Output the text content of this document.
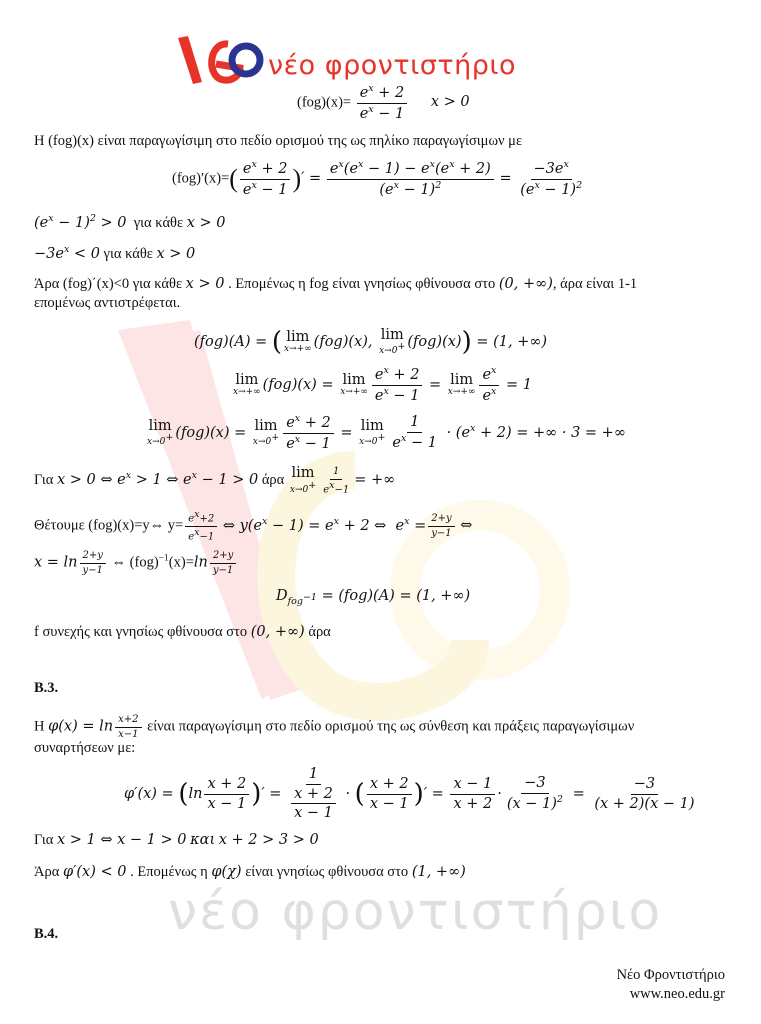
νέο φροντιστήριο
νέο φροντιστήριο
$(fog)(x)= \frac{e^x + 2}{e^x - 1}$ x > 0
Η (fog)(x) είναι παραγωγίσιμη στο πεδίο ορισμού της ως πηλίκο παραγωγίσιμων με
$(fog)'(x)=( \frac{e^x + 2}{e^x - 1}$ )′ = $\frac{e^x(e^x - 1) - e^x(e^x + 2)}{(e^x - 1)^2} = \frac{-3e^x}{(e^x - 1)^2}$
$(e^x - 1)^2 > 0$ για κάθε x > 0
$-3e^x < 0$ για κάθε x > 0
Άρα (fog)΄(x)<0 για κάθε x > 0 . Επομένως η fog είναι γνησίως φθίνουσα στο (0, +∞), άρα είναι 1-1
επομένως αντιστρέφεται.
(fog)(A) = ( lim
x→+∞ (fog)(x), lim
x→0+ (fog)(x)) = (1, +∞)
lim
x→+∞ (fog)(x) = lim
$x\to+\infty \frac{e^x + 2}{e^x - 1} = \lim$
$x\to+\infty \frac{e^x}{e^x} = 1$
lim
x→0+ (fog)(x) = lim
$x\to 0^+ \frac{e^x + 2}{e^x - 1} = \lim$
$x\to 0^+ \frac{1}{e^x - 1} \cdot (e^x + 2)$ = +∞ · 3 = +∞
Για x > 0 ⇔ $e^x > 1$ ⇔ $e^x - 1 > 0$ άρα lim
$x\to 0^+ \frac{1}{e^x-1}$ = +∞
Θέτουμε (fog)(x)=y⇔ $y= \frac{e^x+2}{e^x-1}$ ⇔ $y(e^x - 1) = e^x + 2$ ⇔  $e^x = \frac{2+y}{y-1}$ ⇔
$x = \ln \frac{2+y}{y-1}$ ⇔ $(fog)^{-1}(x)=\ln \frac{2+y}{y-1}$
$D_{fog^{-1}} = (fog)(A) = (1$, +∞)
f συνεχής και γνησίως φθίνουσα στο (0, +∞) άρα
B.3.
Η $\varphi(x) = \ln \frac{x+2}{x-1}$ είναι παραγωγίσιμη στο πεδίο ορισμού της ως σύνθεση και πράξεις παραγωγίσιμων
συναρτήσεων με:
$\varphi'(x) = (\ln \frac{x + 2}{x - 1}$ )′ = $\frac{1}{\frac{x + 2}{x - 1}}$ · ( $\frac{x + 2}{x - 1}$ )′ = $\frac{x - 1}{x + 2} \cdot \frac{-3}{(x - 1)^2} = \frac{-3}{(x + 2)(x - 1)}$
Για x > 1 ⇔ x − 1 > 0 και x + 2 > 3 > 0
Άρα φ′(x) < 0 . Επομένως η φ(χ) είναι γνησίως φθίνουσα στο (1, +∞)
B.4.
Νέο Φροντιστήριο
www.neo.edu.gr
